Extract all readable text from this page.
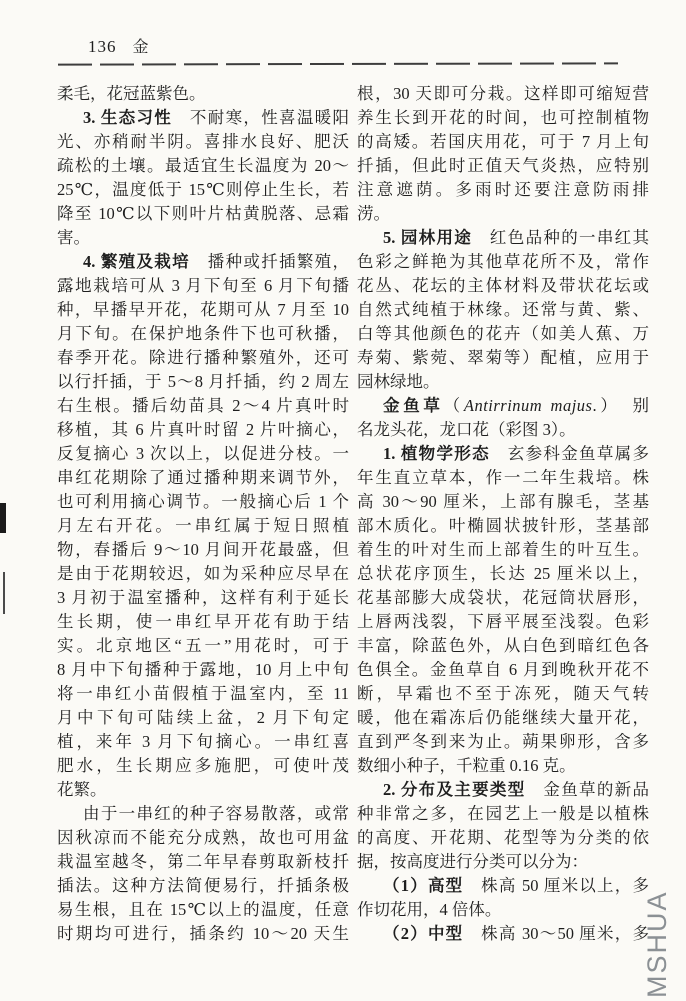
136 金
柔毛，花冠蓝紫色。
3. 生态习性　不耐寒，性喜温暖阳
光、亦稍耐半阴。喜排水良好、肥沃
疏松的土壤。最适宜生长温度为 20～
25℃，温度低于 15℃则停止生长，若
降至 10℃以下则叶片枯黄脱落、忌霜
害。
4. 繁殖及栽培　播种或扦插繁殖，
露地栽培可从 3 月下旬至 6 月下旬播
种，早播早开花，花期可从 7 月至 10
月下旬。在保护地条件下也可秋播，
春季开花。除进行播种繁殖外，还可
以行扦插，于 5～8 月扦插，约 2 周左
右生根。播后幼苗具 2～4 片真叶时
移植，其 6 片真叶时留 2 片叶摘心，
反复摘心 3 次以上，以促进分枝。一
串红花期除了通过播种期来调节外，
也可利用摘心调节。一般摘心后 1 个
月左右开花。一串红属于短日照植
物，春播后 9～10 月间开花最盛，但
是由于花期较迟，如为采种应尽早在
3 月初于温室播种，这样有利于延长
生长期，使一串红早开花有助于结
实。北京地区“五一”用花时，可于
8 月中下旬播种于露地，10 月上中旬
将一串红小苗假植于温室内，至 11
月中下旬可陆续上盆，2 月下旬定
植，来年 3 月下旬摘心。一串红喜
肥水，生长期应多施肥，可使叶茂
花繁。
由于一串红的种子容易散落，或常
因秋凉而不能充分成熟，故也可用盆
栽温室越冬，第二年早春剪取新枝扦
插法。这种方法简便易行，扦插条极
易生根，且在 15℃以上的温度，任意
时期均可进行，插条约 10～20 天生
根，30 天即可分栽。这样即可缩短营
养生长到开花的时间，也可控制植物
的高矮。若国庆用花，可于 7 月上旬
扦插，但此时正值天气炎热，应特别
注意遮荫。多雨时还要注意防雨排
涝。
5. 园林用途　红色品种的一串红其
色彩之鲜艳为其他草花所不及，常作
花丛、花坛的主体材料及带状花坛或
自然式纯植于林缘。还常与黄、紫、
白等其他颜色的花卉（如美人蕉、万
寿菊、紫菀、翠菊等）配植，应用于
园林绿地。
金鱼草（Antirrinum majus.）　别
名龙头花，龙口花（彩图 3）。
1. 植物学形态　玄参科金鱼草属多
年生直立草本，作一二年生栽培。株
高 30～90 厘米，上部有腺毛，茎基
部木质化。叶椭圆状披针形，茎基部
着生的叶对生而上部着生的叶互生。
总状花序顶生，长达 25 厘米以上，
花基部膨大成袋状，花冠筒状唇形，
上唇两浅裂，下唇平展至浅裂。色彩
丰富，除蓝色外，从白色到暗红色各
色俱全。金鱼草自 6 月到晚秋开花不
断，早霜也不至于冻死，随天气转
暖，他在霜冻后仍能继续大量开花，
直到严冬到来为止。蒴果卵形，含多
数细小种子，千粒重 0.16 克。
2. 分布及主要类型　金鱼草的新品
种非常之多，在园艺上一般是以植株
的高度、开花期、花型等为分类的依
据，按高度进行分类可以分为：
（1）高型　株高 50 厘米以上，多
作切花用，4 倍体。
（2）中型　株高 30～50 厘米，多
MSHUA
